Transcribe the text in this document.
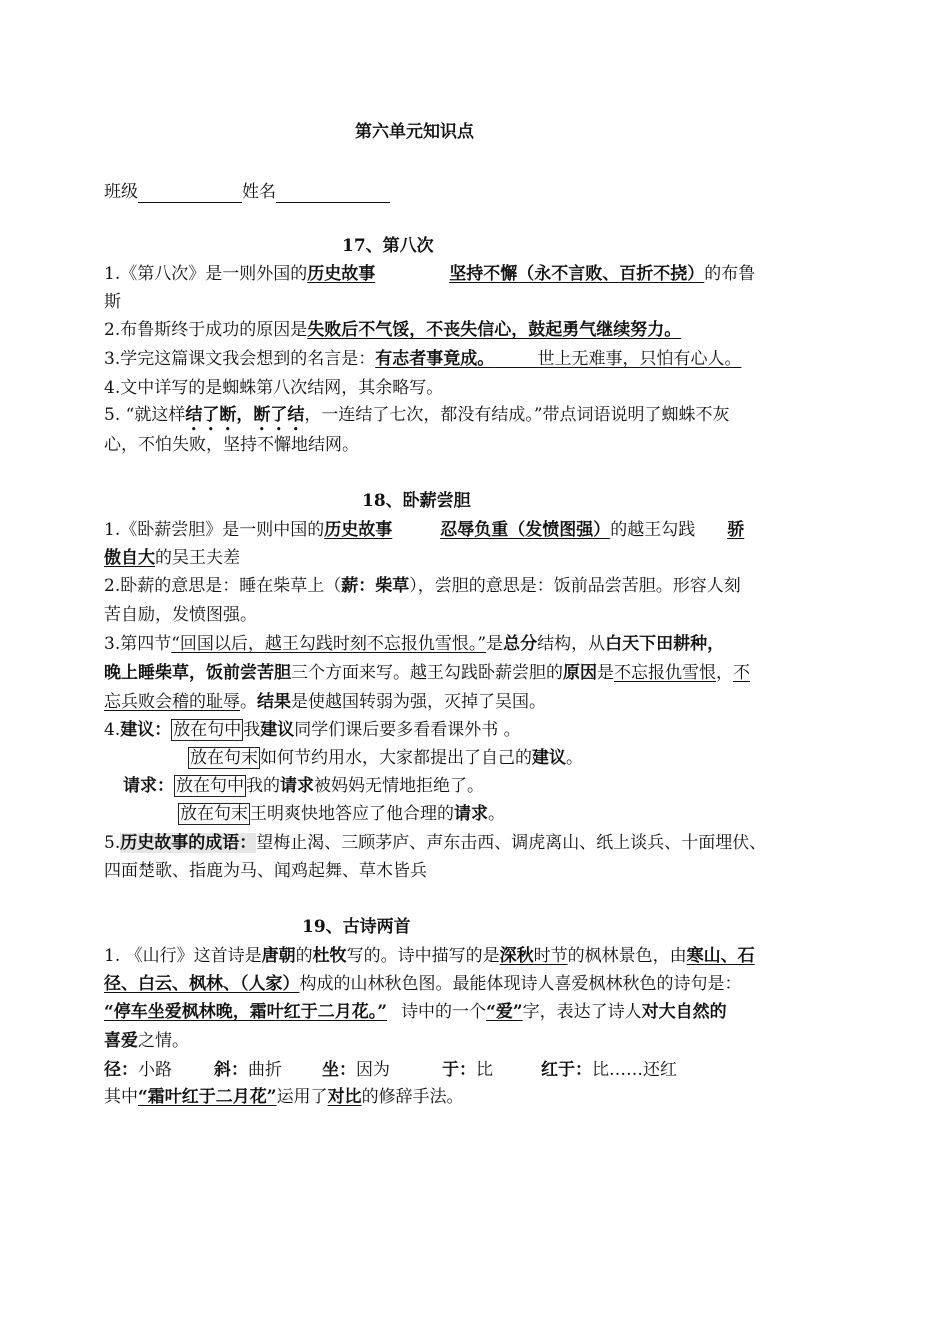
第六单元知识点
班级	姓名
17、第八次
1.《第八次》是一则外国的历史故事	坚持不懈（永不言败、百折不挠）的布鲁
斯
2.布鲁斯终于成功的原因是失败后不气馁，不丧失信心，鼓起勇气继续努力。
3.学完这篇课文我会想到的名言是：有志者事竟成。	世上无难事，只怕有心人。
4.文中详写的是蜘蛛第八次结网，其余略写。
5. “就这样结了断，断了结，一连结了七次，都没有结成。”带点词语说明了蜘蛛不灰
心，不怕失败，坚持不懈地结网。
18、卧薪尝胆
1.《卧薪尝胆》是一则中国的历史故事	忍辱负重（发愤图强）的越王勾践 骄
傲自大的吴王夫差
2.卧薪的意思是：睡在柴草上（薪：柴草），尝胆的意思是：饭前品尝苦胆。形容人刻
苦自励，发愤图强。
3.第四节“回国以后，越王勾践时刻不忘报仇雪恨。”是总分结构，从白天下田耕种，
晚上睡柴草，饭前尝苦胆三个方面来写。越王勾践卧薪尝胆的原因是不忘报仇雪恨，不
忘兵败会稽的耻辱。结果是使越国转弱为强，灭掉了吴国。
4.建议： 放在句中 我建议同学们课后要多看看课外书 。
放在句末 如何节约用水，大家都提出了自己的建议。
请求： 放在句中 我的请求被妈妈无情地拒绝了。
放在句末 王明爽快地答应了他合理的请求。
5.历史故事的成语：望梅止渴、三顾茅庐、声东击西、调虎离山、纸上谈兵、十面埋伏、
四面楚歌、指鹿为马、闻鸡起舞、草木皆兵
19、古诗两首
1. 《山行》这首诗是唐朝的杜牧写的。诗中描写的是深秋时节的枫林景色，由寒山、石
径、白云、枫林、（人家）构成的山林秋色图。最能体现诗人喜爱枫林秋色的诗句是：
“停车坐爱枫林晚，霜叶红于二月花。” 诗中的一个“爱”字，表达了诗人对大自然的
喜爱之情。
径：小路 斜：曲折 坐：因为	于：比	红于：比……还红
其中“霜叶红于二月花”运用了对比的修辞手法。
